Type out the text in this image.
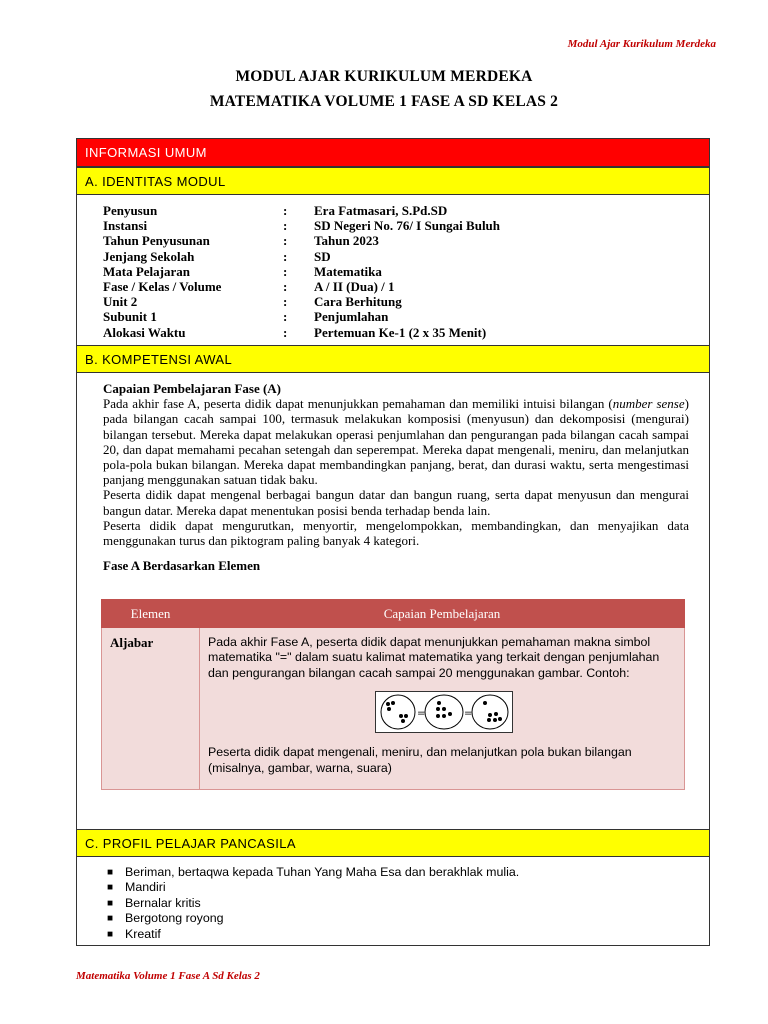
Modul Ajar Kurikulum Merdeka
MODUL AJAR KURIKULUM MERDEKA
MATEMATIKA VOLUME 1 FASE A SD KELAS 2
INFORMASI UMUM
A. IDENTITAS MODUL
Penyusun	:	Era Fatmasari, S.Pd.SD
Instansi	:	SD Negeri No. 76/ I Sungai Buluh
Tahun Penyusunan	:	Tahun 2023
Jenjang Sekolah	:	SD
Mata Pelajaran	:	Matematika
Fase / Kelas / Volume	:	A / II (Dua) / 1
Unit 2	:	Cara Berhitung
Subunit 1	:	Penjumlahan
Alokasi Waktu	:	Pertemuan Ke-1 (2 x 35 Menit)
B. KOMPETENSI AWAL
Capaian Pembelajaran Fase (A)

Pada akhir fase A, peserta didik dapat menunjukkan pemahaman dan memiliki intuisi bilangan (number sense) pada bilangan cacah sampai 100, termasuk melakukan komposisi (menyusun) dan dekomposisi (mengurai) bilangan tersebut. Mereka dapat melakukan operasi penjumlahan dan pengurangan pada bilangan cacah sampai 20, dan dapat memahami pecahan setengah dan seperempat. Mereka dapat mengenali, meniru, dan melanjutkan pola-pola bukan bilangan. Mereka dapat membandingkan panjang, berat, dan durasi waktu, serta mengestimasi panjang menggunakan satuan tidak baku.

Peserta didik dapat mengenal berbagai bangun datar dan bangun ruang, serta dapat menyusun dan mengurai bangun datar. Mereka dapat menentukan posisi benda terhadap benda lain.

Peserta didik dapat mengurutkan, menyortir, mengelompokkan, membandingkan, dan menyajikan data menggunakan turus dan piktogram paling banyak 4 kategori.

Fase A Berdasarkan Elemen
Elemen	Capaian Pembelajaran
Aljabar	Pada akhir Fase A, peserta didik dapat menunjukkan pemahaman makna simbol matematika "=" dalam suatu kalimat matematika yang terkait dengan penjumlahan dan pengurangan bilangan cacah sampai 20 menggunakan gambar. Contoh:
= =
Peserta didik dapat mengenali, meniru, dan melanjutkan pola bukan bilangan (misalnya, gambar, warna, suara)
C. PROFIL PELAJAR PANCASILA
■ Beriman, bertaqwa kepada Tuhan Yang Maha Esa dan berakhlak mulia.
■ Mandiri
■ Bernalar kritis
■ Bergotong royong
■ Kreatif
Matematika Volume 1 Fase A Sd Kelas 2
